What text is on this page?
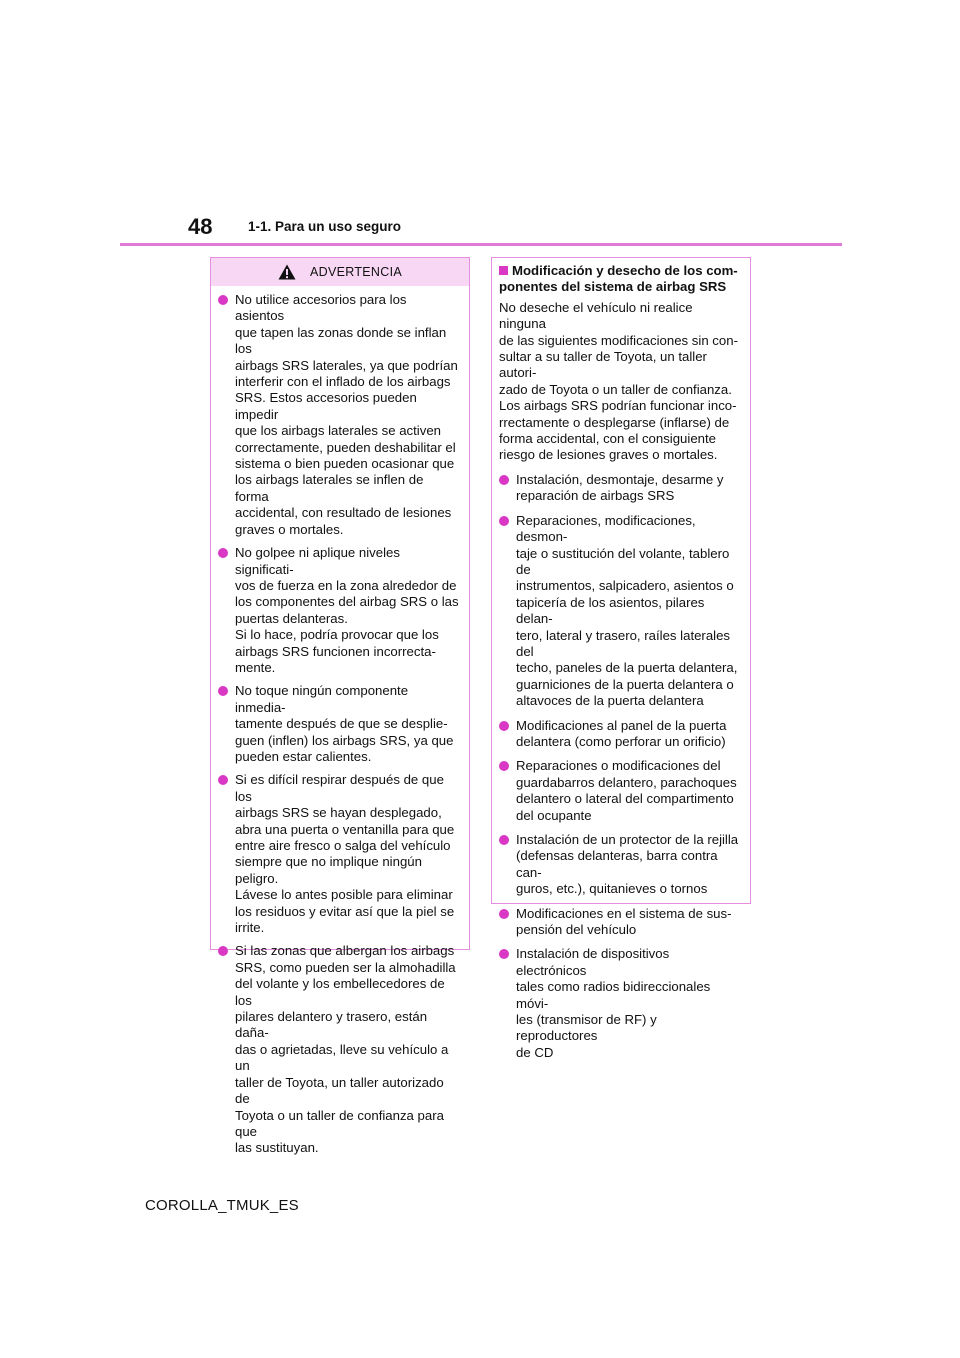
48	1-1. Para un uso seguro
ADVERTENCIA
No utilice accesorios para los asientos
que tapen las zonas donde se inflan los
airbags SRS laterales, ya que podrían
interferir con el inflado de los airbags
SRS. Estos accesorios pueden impedir
que los airbags laterales se activen
correctamente, pueden deshabilitar el
sistema o bien pueden ocasionar que
los airbags laterales se inflen de forma
accidental, con resultado de lesiones
graves o mortales.
No golpee ni aplique niveles significati-
vos de fuerza en la zona alrededor de
los componentes del airbag SRS o las
puertas delanteras.
Si lo hace, podría provocar que los
airbags SRS funcionen incorrecta-
mente.
No toque ningún componente inmedia-
tamente después de que se desplie-
guen (inflen) los airbags SRS, ya que
pueden estar calientes.
Si es difícil respirar después de que los
airbags SRS se hayan desplegado,
abra una puerta o ventanilla para que
entre aire fresco o salga del vehículo
siempre que no implique ningún peligro.
Lávese lo antes posible para eliminar
los residuos y evitar así que la piel se
irrite.
Si las zonas que albergan los airbags
SRS, como pueden ser la almohadilla
del volante y los embellecedores de los
pilares delantero y trasero, están daña-
das o agrietadas, lleve su vehículo a un
taller de Toyota, un taller autorizado de
Toyota o un taller de confianza para que
las sustituyan.
Modificación y desecho de los com-
ponentes del sistema de airbag SRS
No deseche el vehículo ni realice ninguna
de las siguientes modificaciones sin con-
sultar a su taller de Toyota, un taller autori-
zado de Toyota o un taller de confianza.
Los airbags SRS podrían funcionar inco-
rrectamente o desplegarse (inflarse) de
forma accidental, con el consiguiente
riesgo de lesiones graves o mortales.
Instalación, desmontaje, desarme y
reparación de airbags SRS
Reparaciones, modificaciones, desmon-
taje o sustitución del volante, tablero de
instrumentos, salpicadero, asientos o
tapicería de los asientos, pilares delan-
tero, lateral y trasero, raíles laterales del
techo, paneles de la puerta delantera,
guarniciones de la puerta delantera o
altavoces de la puerta delantera
Modificaciones al panel de la puerta
delantera (como perforar un orificio)
Reparaciones o modificaciones del
guardabarros delantero, parachoques
delantero o lateral del compartimento
del ocupante
Instalación de un protector de la rejilla
(defensas delanteras, barra contra can-
guros, etc.), quitanieves o tornos
Modificaciones en el sistema de sus-
pensión del vehículo
Instalación de dispositivos electrónicos
tales como radios bidireccionales móvi-
les (transmisor de RF) y reproductores
de CD
COROLLA_TMUK_ES
